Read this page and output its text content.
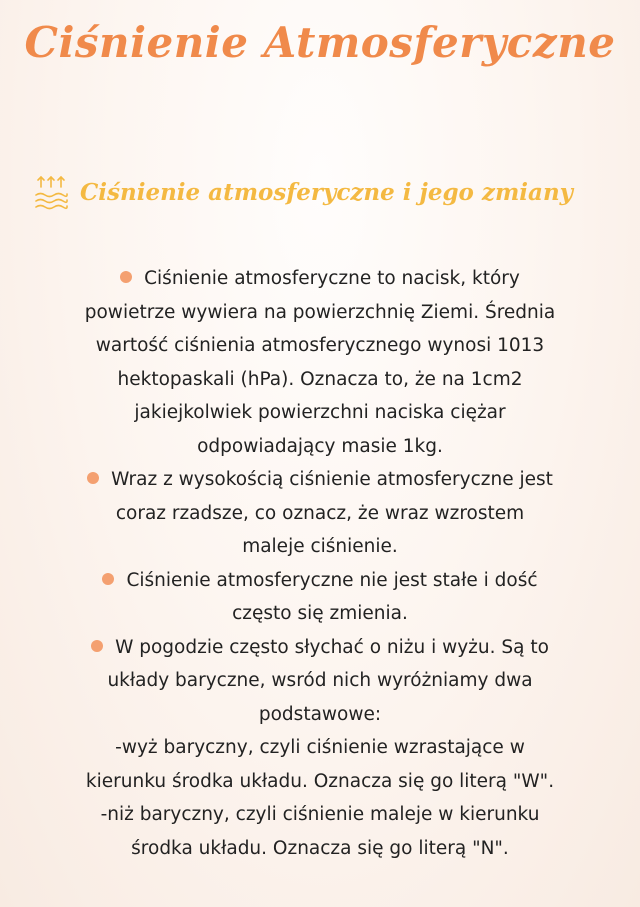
Ciśnienie Atmosferyczne
Ciśnienie atmosferyczne i jego zmiany
Ciśnienie atmosferyczne to nacisk, który
powietrze wywiera na powierzchnię Ziemi. Średnia
wartość ciśnienia atmosferycznego wynosi 1013
hektopaskali (hPa). Oznacza to, że na 1cm2
jakiejkolwiek powierzchni naciska ciężar
odpowiadający masie 1kg.
Wraz z wysokością ciśnienie atmosferyczne jest
coraz rzadsze, co oznacz, że wraz wzrostem
maleje ciśnienie.
Ciśnienie atmosferyczne nie jest stałe i dość
często się zmienia.
W pogodzie często słychać o niżu i wyżu. Są to
układy baryczne, wsród nich wyróżniamy dwa
podstawowe:
-wyż baryczny, czyli ciśnienie wzrastające w
kierunku środka układu. Oznacza się go literą "W".
-niż baryczny, czyli ciśnienie maleje w kierunku
środka układu. Oznacza się go literą "N".
